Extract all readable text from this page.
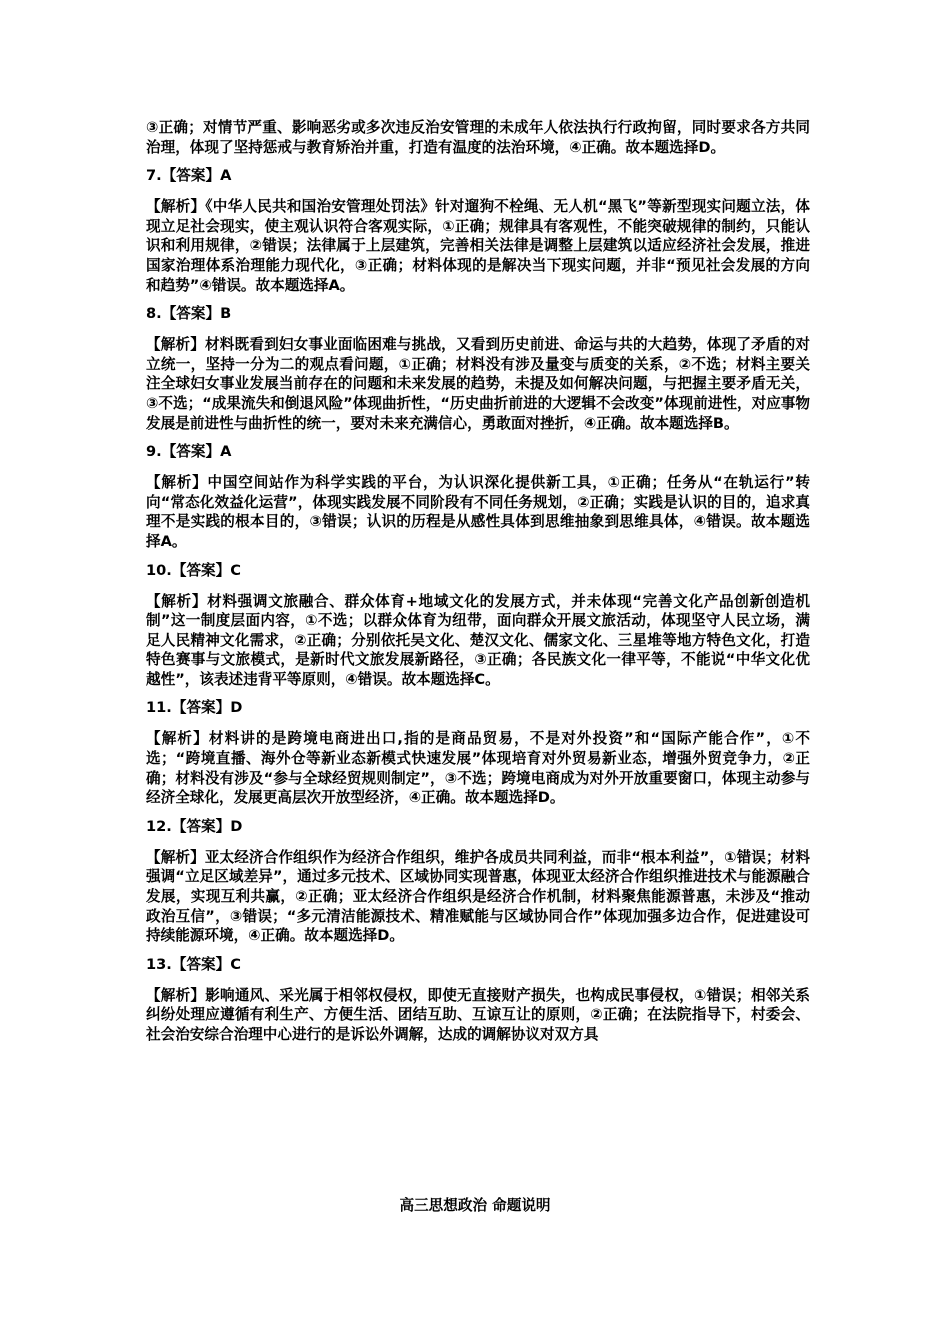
③正确；对情节严重、影响恶劣或多次违反治安管理的未成年人依法执行行政拘留，同时要求各方共同治理，体现了坚持惩戒与教育矫治并重，打造有温度的法治环境，④正确。故本题选择D。

7.【答案】A

【解析】《中华人民共和国治安管理处罚法》针对遛狗不栓绳、无人机“黑飞”等新型现实问题立法，体现立足社会现实，使主观认识符合客观实际，①正确；规律具有客观性，不能突破规律的制约，只能认识和利用规律，②错误；法律属于上层建筑，完善相关法律是调整上层建筑以适应经济社会发展，推进国家治理体系治理能力现代化，③正确；材料体现的是解决当下现实问题，并非“预见社会发展的方向和趋势”④错误。故本题选择A。

8.【答案】B

【解析】材料既看到妇女事业面临困难与挑战，又看到历史前进、命运与共的大趋势，体现了矛盾的对立统一，坚持一分为二的观点看问题，①正确；材料没有涉及量变与质变的关系，②不选；材料主要关注全球妇女事业发展当前存在的问题和未来发展的趋势，未提及如何解决问题，与把握主要矛盾无关，③不选；“成果流失和倒退风险”体现曲折性，“历史曲折前进的大逻辑不会改变”体现前进性，对应事物发展是前进性与曲折性的统一，要对未来充满信心，勇敢面对挫折，④正确。故本题选择B。

9.【答案】A

【解析】中国空间站作为科学实践的平台，为认识深化提供新工具，①正确；任务从“在轨运行”转向“常态化效益化运营”，体现实践发展不同阶段有不同任务规划，②正确；实践是认识的目的，追求真理不是实践的根本目的，③错误；认识的历程是从感性具体到思维抽象到思维具体，④错误。故本题选择A。

10.【答案】C

【解析】材料强调文旅融合、群众体育+地域文化的发展方式，并未体现“完善文化产品创新创造机制”这一制度层面内容，①不选；以群众体育为纽带，面向群众开展文旅活动，体现坚守人民立场，满足人民精神文化需求，②正确；分别依托吴文化、楚汉文化、儒家文化、三星堆等地方特色文化，打造特色赛事与文旅模式，是新时代文旅发展新路径，③正确；各民族文化一律平等，不能说“中华文化优越性”，该表述违背平等原则，④错误。故本题选择C。

11.【答案】D

【解析】材料讲的是跨境电商进出口,指的是商品贸易，不是对外投资”和“国际产能合作”，①不选；“跨境直播、海外仓等新业态新模式快速发展”体现培育对外贸易新业态，增强外贸竞争力，②正确；材料没有涉及“参与全球经贸规则制定”，③不选；跨境电商成为对外开放重要窗口，体现主动参与经济全球化，发展更高层次开放型经济，④正确。故本题选择D。

12.【答案】D

【解析】亚太经济合作组织作为经济合作组织，维护各成员共同利益，而非“根本利益”，①错误；材料强调“立足区域差异”，通过多元技术、区域协同实现普惠，体现亚太经济合作组织推进技术与能源融合发展，实现互利共赢，②正确；亚太经济合作组织是经济合作机制，材料聚焦能源普惠，未涉及“推动政治互信”，③错误；“多元清洁能源技术、精准赋能与区域协同合作”体现加强多边合作，促进建设可持续能源环境，④正确。故本题选择D。

13.【答案】C

【解析】影响通风、采光属于相邻权侵权，即使无直接财产损失，也构成民事侵权，①错误；相邻关系纠纷处理应遵循有利生产、方便生活、团结互助、互谅互让的原则，②正确；在法院指导下，村委会、社会治安综合治理中心进行的是诉讼外调解，达成的调解协议对双方具

高三思想政治 命题说明
